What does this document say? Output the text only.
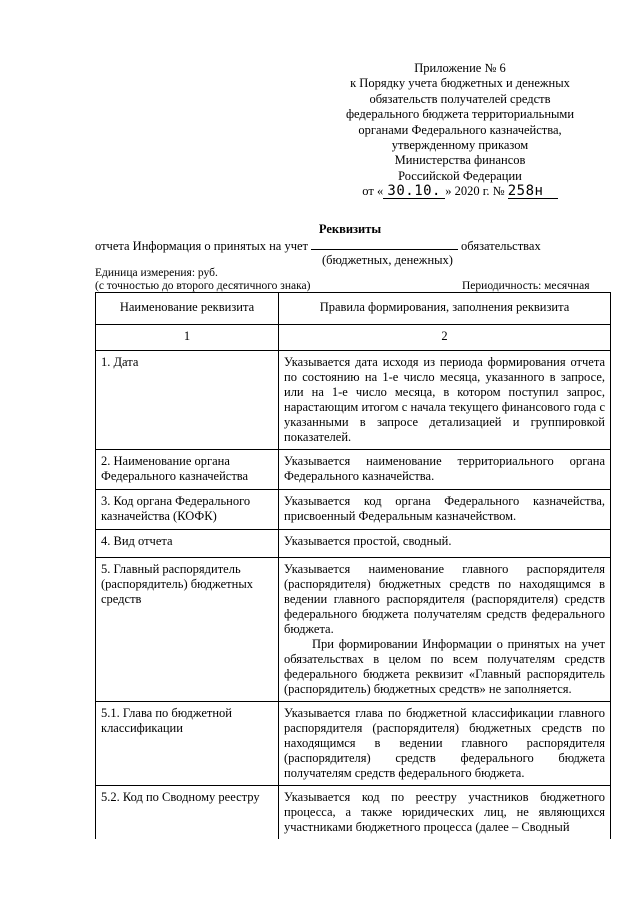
Приложение № 6
к Порядку учета бюджетных и денежных
обязательств получателей средств
федерального бюджета территориальными
органами Федерального казначейства,
утвержденному приказом
Министерства финансов
Российской Федерации
от « 30.10. » 2020 г. № 258н
Реквизиты
отчета Информация о принятых на учет	обязательствах
(бюджетных, денежных)
Единица измерения: руб.
(с точностью до второго десятичного знака)	Периодичность: месячная
Наименование реквизита	Правила формирования, заполнения реквизита
1	2
1. Дата	Указывается дата исходя из периода формирования отчета по состоянию на 1-е число месяца, указанного в запросе, или на 1-е число месяца, в котором поступил запрос, нарастающим итогом с начала текущего финансового года с указанными в запросе детализацией и группировкой показателей.

2. Наименование органа Федерального казначейства	Указывается наименование территориального органа Федерального казначейства.

3. Код органа Федерального казначейства (КОФК)	Указывается код органа Федерального казначейства, присвоенный Федеральным казначейством.

4. Вид отчета	Указывается простой, сводный.

5. Главный распорядитель (распорядитель) бюджетных средств	Указывается наименование главного распорядителя (распорядителя) бюджетных средств по находящимся в ведении главного распорядителя (распорядителя) средств федерального бюджета получателям средств федерального бюджета.

При формировании Информации о принятых на учет обязательствах в целом по всем получателям средств федерального бюджета реквизит «Главный распорядитель (распорядитель) бюджетных средств» не заполняется.

5.1. Глава по бюджетной классификации	Указывается глава по бюджетной классификации главного распорядителя (распорядителя) бюджетных средств по находящимся в ведении главного распорядителя (распорядителя) средств федерального бюджета получателям средств федерального бюджета.

5.2. Код по Сводному реестру	Указывается код по реестру участников бюджетного процесса, а также юридических лиц, не являющихся участниками бюджетного процесса (далее – Сводный
